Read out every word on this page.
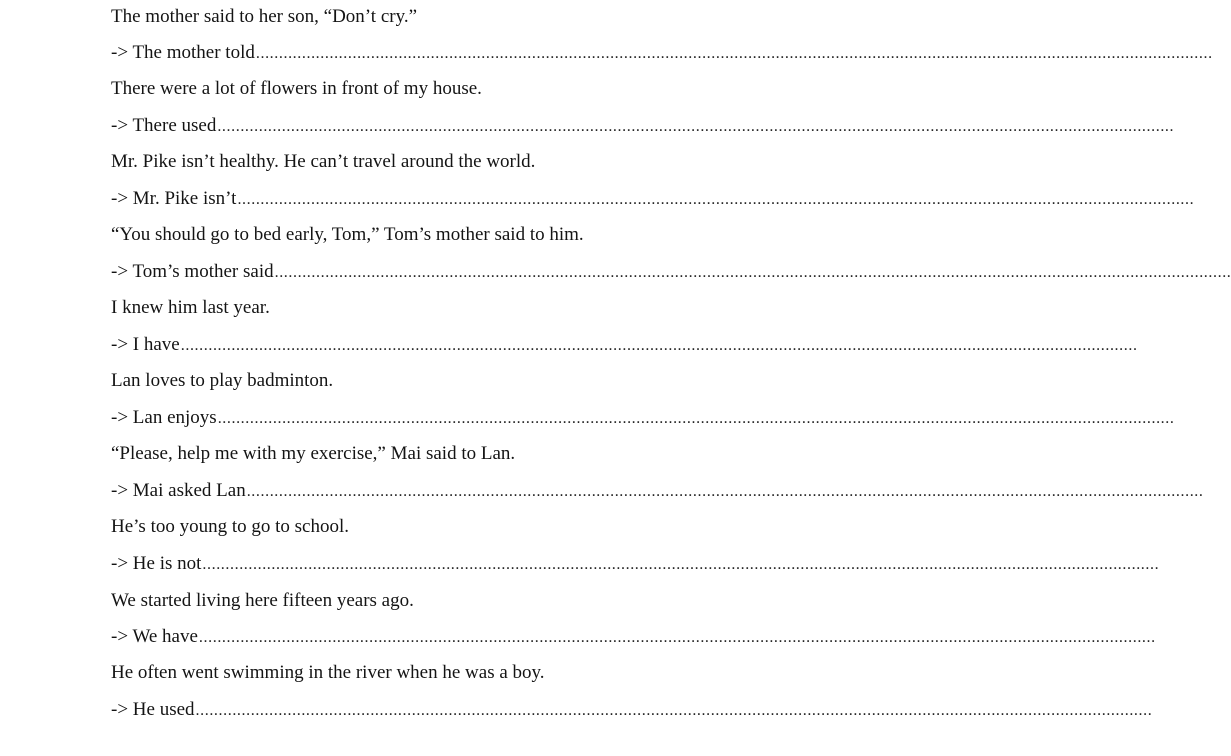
The mother said to her son, “Don’t cry.”
-> The mother told ................................................................................................................................................................................................................
There were a lot of flowers in front of my house.
-> There used ................................................................................................................................................................................................................
Mr. Pike isn’t healthy. He can’t travel around the world.
-> Mr. Pike isn’t ................................................................................................................................................................................................................
“You should go to bed early, Tom,” Tom’s mother said to him.
-> Tom’s mother said ................................................................................................................................................................................................................
I knew him last year.
-> I have ................................................................................................................................................................................................................
Lan loves to play badminton.
-> Lan enjoys ................................................................................................................................................................................................................
“Please, help me with my exercise,” Mai said to Lan.
-> Mai asked Lan ................................................................................................................................................................................................................
He’s too young to go to school.
-> He is not ................................................................................................................................................................................................................
We started living here fifteen years ago.
-> We have ................................................................................................................................................................................................................
He often went swimming in the river when he was a boy.
-> He used ................................................................................................................................................................................................................
